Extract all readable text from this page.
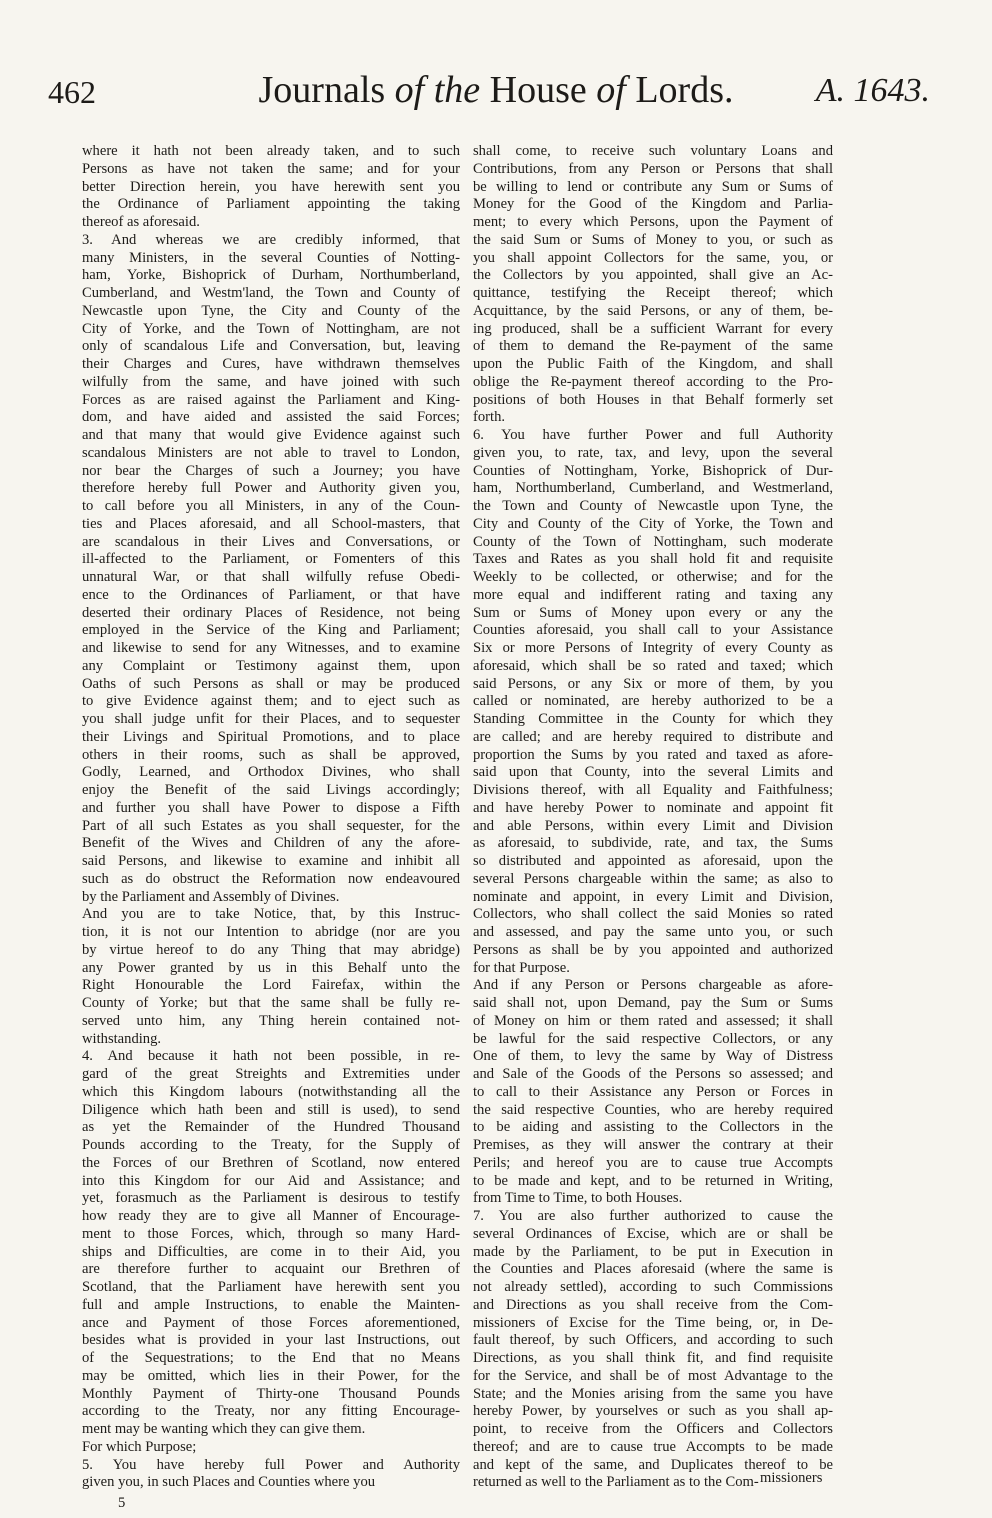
462	Journals of the House of Lords.	A. 1643.
where it hath not been already taken, and to such
Persons as have not taken the same; and for your
better Direction herein, you have herewith sent you
the Ordinance of Parliament appointing the taking
thereof as aforesaid.
3. And whereas we are credibly informed, that
many Ministers, in the several Counties of Notting-
ham, Yorke, Bishoprick of Durham, Northumberland,
Cumberland, and Westm'land, the Town and County of
Newcastle upon Tyne, the City and County of the
City of Yorke, and the Town of Nottingham, are not
only of scandalous Life and Conversation, but, leaving
their Charges and Cures, have withdrawn themselves
wilfully from the same, and have joined with such
Forces as are raised against the Parliament and King-
dom, and have aided and assisted the said Forces;
and that many that would give Evidence against such
scandalous Ministers are not able to travel to London,
nor bear the Charges of such a Journey; you have
therefore hereby full Power and Authority given you,
to call before you all Ministers, in any of the Coun-
ties and Places aforesaid, and all School-masters, that
are scandalous in their Lives and Conversations, or
ill-affected to the Parliament, or Fomenters of this
unnatural War, or that shall wilfully refuse Obedi-
ence to the Ordinances of Parliament, or that have
deserted their ordinary Places of Residence, not being
employed in the Service of the King and Parliament;
and likewise to send for any Witnesses, and to examine
any Complaint or Testimony against them, upon
Oaths of such Persons as shall or may be produced
to give Evidence against them; and to eject such as
you shall judge unfit for their Places, and to sequester
their Livings and Spiritual Promotions, and to place
others in their rooms, such as shall be approved,
Godly, Learned, and Orthodox Divines, who shall
enjoy the Benefit of the said Livings accordingly;
and further you shall have Power to dispose a Fifth
Part of all such Estates as you shall sequester, for the
Benefit of the Wives and Children of any the afore-
said Persons, and likewise to examine and inhibit all
such as do obstruct the Reformation now endeavoured
by the Parliament and Assembly of Divines.
And you are to take Notice, that, by this Instruc-
tion, it is not our Intention to abridge (nor are you
by virtue hereof to do any Thing that may abridge)
any Power granted by us in this Behalf unto the
Right Honourable the Lord Fairefax, within the
County of Yorke; but that the same shall be fully re-
served unto him, any Thing herein contained not-
withstanding.
4. And because it hath not been possible, in re-
gard of the great Streights and Extremities under
which this Kingdom labours (notwithstanding all the
Diligence which hath been and still is used), to send
as yet the Remainder of the Hundred Thousand
Pounds according to the Treaty, for the Supply of
the Forces of our Brethren of Scotland, now entered
into this Kingdom for our Aid and Assistance; and
yet, forasmuch as the Parliament is desirous to testify
how ready they are to give all Manner of Encourage-
ment to those Forces, which, through so many Hard-
ships and Difficulties, are come in to their Aid, you
are therefore further to acquaint our Brethren of
Scotland, that the Parliament have herewith sent you
full and ample Instructions, to enable the Mainten-
ance and Payment of those Forces aforementioned,
besides what is provided in your last Instructions, out
of the Sequestrations; to the End that no Means
may be omitted, which lies in their Power, for the
Monthly Payment of Thirty-one Thousand Pounds
according to the Treaty, nor any fitting Encourage-
ment may be wanting which they can give them.
For which Purpose;
5. You have hereby full Power and Authority
given you, in such Places and Counties where you
shall come, to receive such voluntary Loans and
Contributions, from any Person or Persons that shall
be willing to lend or contribute any Sum or Sums of
Money for the Good of the Kingdom and Parlia-
ment; to every which Persons, upon the Payment of
the said Sum or Sums of Money to you, or such as
you shall appoint Collectors for the same, you, or
the Collectors by you appointed, shall give an Ac-
quittance, testifying the Receipt thereof; which
Acquittance, by the said Persons, or any of them, be-
ing produced, shall be a sufficient Warrant for every
of them to demand the Re-payment of the same
upon the Public Faith of the Kingdom, and shall
oblige the Re-payment thereof according to the Pro-
positions of both Houses in that Behalf formerly set
forth.
6. You have further Power and full Authority
given you, to rate, tax, and levy, upon the several
Counties of Nottingham, Yorke, Bishoprick of Dur-
ham, Northumberland, Cumberland, and Westmerland,
the Town and County of Newcastle upon Tyne, the
City and County of the City of Yorke, the Town and
County of the Town of Nottingham, such moderate
Taxes and Rates as you shall hold fit and requisite
Weekly to be collected, or otherwise; and for the
more equal and indifferent rating and taxing any
Sum or Sums of Money upon every or any the
Counties aforesaid, you shall call to your Assistance
Six or more Persons of Integrity of every County as
aforesaid, which shall be so rated and taxed; which
said Persons, or any Six or more of them, by you
called or nominated, are hereby authorized to be a
Standing Committee in the County for which they
are called; and are hereby required to distribute and
proportion the Sums by you rated and taxed as afore-
said upon that County, into the several Limits and
Divisions thereof, with all Equality and Faithfulness;
and have hereby Power to nominate and appoint fit
and able Persons, within every Limit and Division
as aforesaid, to subdivide, rate, and tax, the Sums
so distributed and appointed as aforesaid, upon the
several Persons chargeable within the same; as also to
nominate and appoint, in every Limit and Division,
Collectors, who shall collect the said Monies so rated
and assessed, and pay the same unto you, or such
Persons as shall be by you appointed and authorized
for that Purpose.
And if any Person or Persons chargeable as afore-
said shall not, upon Demand, pay the Sum or Sums
of Money on him or them rated and assessed; it shall
be lawful for the said respective Collectors, or any
One of them, to levy the same by Way of Distress
and Sale of the Goods of the Persons so assessed; and
to call to their Assistance any Person or Forces in
the said respective Counties, who are hereby required
to be aiding and assisting to the Collectors in the
Premises, as they will answer the contrary at their
Perils; and hereof you are to cause true Accompts
to be made and kept, and to be returned in Writing,
from Time to Time, to both Houses.
7. You are also further authorized to cause the
several Ordinances of Excise, which are or shall be
made by the Parliament, to be put in Execution in
the Counties and Places aforesaid (where the same is
not already settled), according to such Commissions
and Directions as you shall receive from the Com-
missioners of Excise for the Time being, or, in De-
fault thereof, by such Officers, and according to such
Directions, as you shall think fit, and find requisite
for the Service, and shall be of most Advantage to the
State; and the Monies arising from the same you have
hereby Power, by yourselves or such as you shall ap-
point, to receive from the Officers and Collectors
thereof; and are to cause true Accompts to be made
and kept of the same, and Duplicates thereof to be
returned as well to the Parliament as to the Com-
5
missioners
